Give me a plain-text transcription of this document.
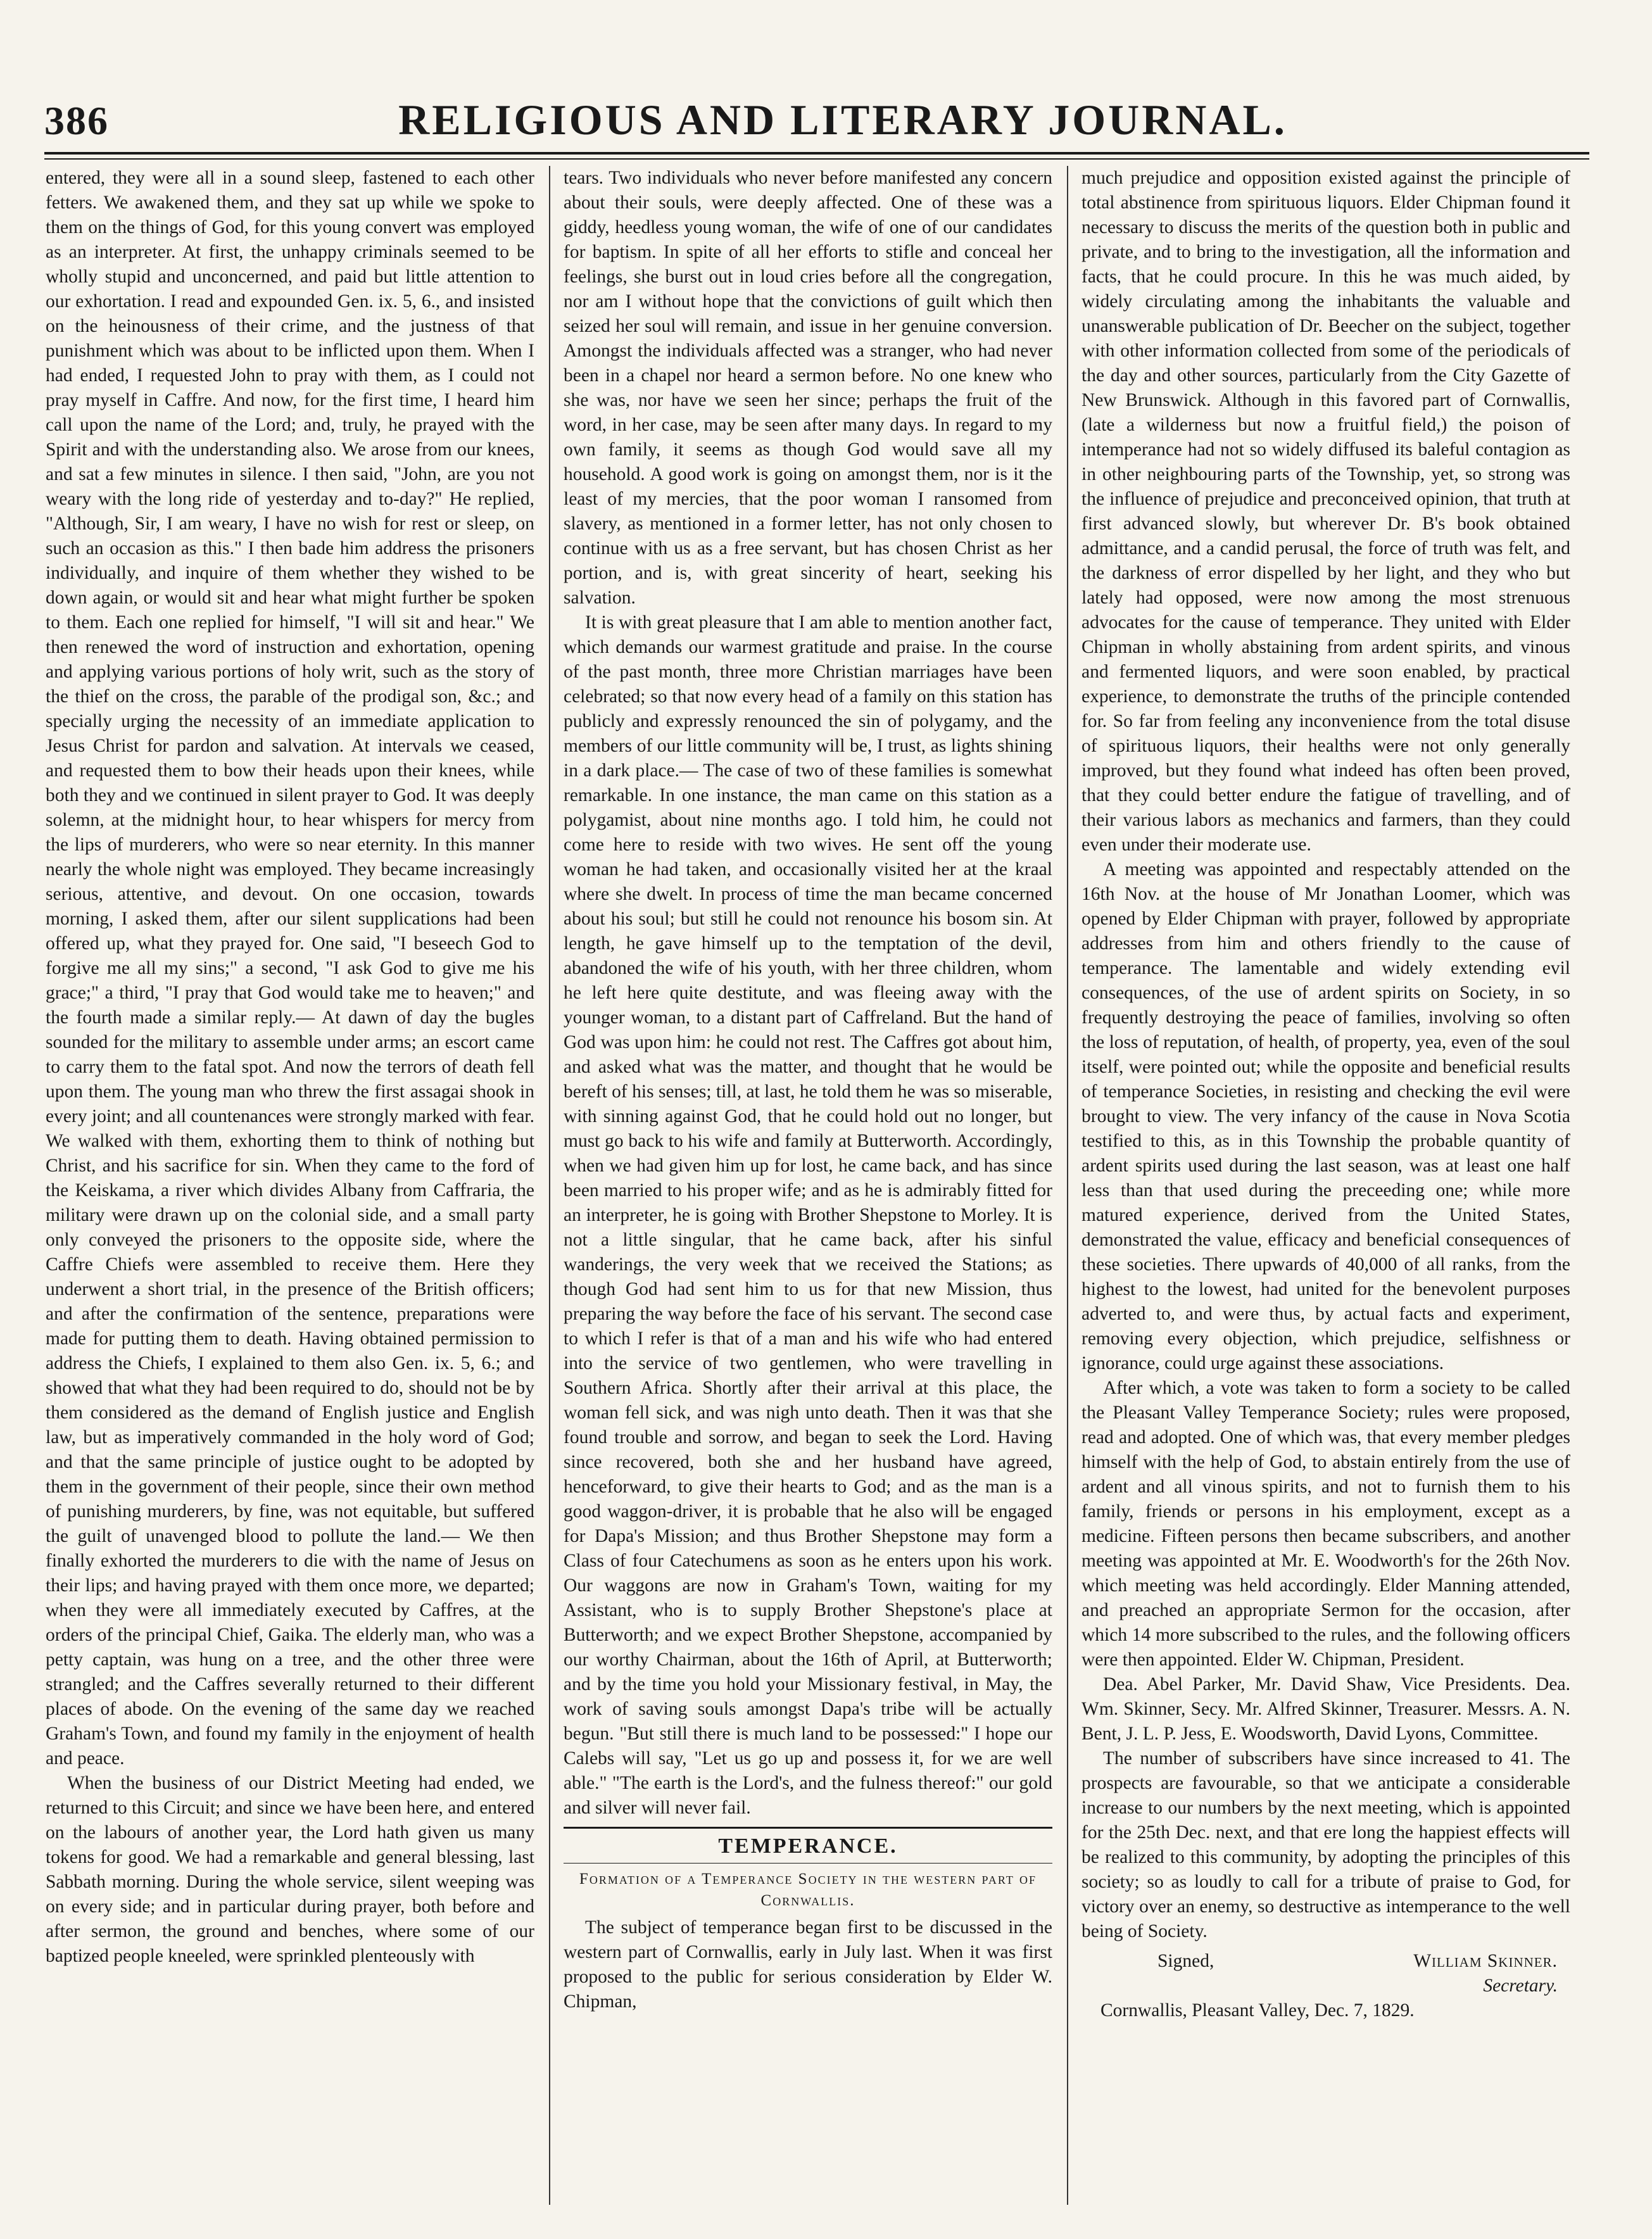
386	RELIGIOUS AND LITERARY JOURNAL.

entered, they were all in a sound sleep, fastened to each other fetters. We awakened them, and they sat up while we spoke to them on the things of God, for this young convert was employed as an interpreter. At first, the unhappy criminals seemed to be wholly stupid and unconcerned, and paid but little attention to our exhortation. I read and expounded Gen. ix. 5, 6., and insisted on the heinousness of their crime, and the justness of that punishment which was about to be inflicted upon them. When I had ended, I requested John to pray with them, as I could not pray myself in Caffre. And now, for the first time, I heard him call upon the name of the Lord; and, truly, he prayed with the Spirit and with the understanding also. We arose from our knees, and sat a few minutes in silence. I then said, "John, are you not weary with the long ride of yesterday and to-day?" He replied, "Although, Sir, I am weary, I have no wish for rest or sleep, on such an occasion as this." I then bade him address the prisoners individually, and inquire of them whether they wished to be down again, or would sit and hear what might further be spoken to them. Each one replied for himself, "I will sit and hear." We then renewed the word of instruction and exhortation, opening and applying various portions of holy writ, such as the story of the thief on the cross, the parable of the prodigal son, &c.; and specially urging the necessity of an immediate application to Jesus Christ for pardon and salvation. At intervals we ceased, and requested them to bow their heads upon their knees, while both they and we continued in silent prayer to God. It was deeply solemn, at the midnight hour, to hear whispers for mercy from the lips of murderers, who were so near eternity. In this manner nearly the whole night was employed. They became increasingly serious, attentive, and devout. On one occasion, towards morning, I asked them, after our silent supplications had been offered up, what they prayed for. One said, "I beseech God to forgive me all my sins;" a second, "I ask God to give me his grace;" a third, "I pray that God would take me to heaven;" and the fourth made a similar reply.— At dawn of day the bugles sounded for the military to assemble under arms; an escort came to carry them to the fatal spot. And now the terrors of death fell upon them. The young man who threw the first assagai shook in every joint; and all countenances were strongly marked with fear. We walked with them, exhorting them to think of nothing but Christ, and his sacrifice for sin. When they came to the ford of the Keiskama, a river which divides Albany from Caffraria, the military were drawn up on the colonial side, and a small party only conveyed the prisoners to the opposite side, where the Caffre Chiefs were assembled to receive them. Here they underwent a short trial, in the presence of the British officers; and after the confirmation of the sentence, preparations were made for putting them to death. Having obtained permission to address the Chiefs, I explained to them also Gen. ix. 5, 6.; and showed that what they had been required to do, should not be by them considered as the demand of English justice and English law, but as imperatively commanded in the holy word of God; and that the same principle of justice ought to be adopted by them in the government of their people, since their own method of punishing murderers, by fine, was not equitable, but suffered the guilt of unavenged blood to pollute the land.— We then finally exhorted the murderers to die with the name of Jesus on their lips; and having prayed with them once more, we departed; when they were all immediately executed by Caffres, at the orders of the principal Chief, Gaika. The elderly man, who was a petty captain, was hung on a tree, and the other three were strangled; and the Caffres severally returned to their different places of abode. On the evening of the same day we reached Graham's Town, and found my family in the enjoyment of health and peace.

When the business of our District Meeting had ended, we returned to this Circuit; and since we have been here, and entered on the labours of another year, the Lord hath given us many tokens for good. We had a remarkable and general blessing, last Sabbath morning. During the whole service, silent weeping was on every side; and in particular during prayer, both before and after sermon, the ground and benches, where some of our baptized people kneeled, were sprinkled plenteously with

tears. Two individuals who never before manifested any concern about their souls, were deeply affected. One of these was a giddy, heedless young woman, the wife of one of our candidates for baptism. In spite of all her efforts to stifle and conceal her feelings, she burst out in loud cries before all the congregation, nor am I without hope that the convictions of guilt which then seized her soul will remain, and issue in her genuine conversion. Amongst the individuals affected was a stranger, who had never been in a chapel nor heard a sermon before. No one knew who she was, nor have we seen her since; perhaps the fruit of the word, in her case, may be seen after many days. In regard to my own family, it seems as though God would save all my household. A good work is going on amongst them, nor is it the least of my mercies, that the poor woman I ransomed from slavery, as mentioned in a former letter, has not only chosen to continue with us as a free servant, but has chosen Christ as her portion, and is, with great sincerity of heart, seeking his salvation.

It is with great pleasure that I am able to mention another fact, which demands our warmest gratitude and praise. In the course of the past month, three more Christian marriages have been celebrated; so that now every head of a family on this station has publicly and expressly renounced the sin of polygamy, and the members of our little community will be, I trust, as lights shining in a dark place.— The case of two of these families is somewhat remarkable. In one instance, the man came on this station as a polygamist, about nine months ago. I told him, he could not come here to reside with two wives. He sent off the young woman he had taken, and occasionally visited her at the kraal where she dwelt. In process of time the man became concerned about his soul; but still he could not renounce his bosom sin. At length, he gave himself up to the temptation of the devil, abandoned the wife of his youth, with her three children, whom he left here quite destitute, and was fleeing away with the younger woman, to a distant part of Caffreland. But the hand of God was upon him: he could not rest. The Caffres got about him, and asked what was the matter, and thought that he would be bereft of his senses; till, at last, he told them he was so miserable, with sinning against God, that he could hold out no longer, but must go back to his wife and family at Butterworth. Accordingly, when we had given him up for lost, he came back, and has since been married to his proper wife; and as he is admirably fitted for an interpreter, he is going with Brother Shepstone to Morley. It is not a little singular, that he came back, after his sinful wanderings, the very week that we received the Stations; as though God had sent him to us for that new Mission, thus preparing the way before the face of his servant. The second case to which I refer is that of a man and his wife who had entered into the service of two gentlemen, who were travelling in Southern Africa. Shortly after their arrival at this place, the woman fell sick, and was nigh unto death. Then it was that she found trouble and sorrow, and began to seek the Lord. Having since recovered, both she and her husband have agreed, henceforward, to give their hearts to God; and as the man is a good waggon-driver, it is probable that he also will be engaged for Dapa's Mission; and thus Brother Shepstone may form a Class of four Catechumens as soon as he enters upon his work. Our waggons are now in Graham's Town, waiting for my Assistant, who is to supply Brother Shepstone's place at Butterworth; and we expect Brother Shepstone, accompanied by our worthy Chairman, about the 16th of April, at Butterworth; and by the time you hold your Missionary festival, in May, the work of saving souls amongst Dapa's tribe will be actually begun. "But still there is much land to be possessed:" I hope our Calebs will say, "Let us go up and possess it, for we are well able." "The earth is the Lord's, and the fulness thereof:" our gold and silver will never fail.

TEMPERANCE.
Formation of a Temperance Society in the western part of Cornwallis.

The subject of temperance began first to be discussed in the western part of Cornwallis, early in July last. When it was first proposed to the public for serious consideration by Elder W. Chipman,

much prejudice and opposition existed against the principle of total abstinence from spirituous liquors. Elder Chipman found it necessary to discuss the merits of the question both in public and private, and to bring to the investigation, all the information and facts, that he could procure. In this he was much aided, by widely circulating among the inhabitants the valuable and unanswerable publication of Dr. Beecher on the subject, together with other information collected from some of the periodicals of the day and other sources, particularly from the City Gazette of New Brunswick. Although in this favored part of Cornwallis, (late a wilderness but now a fruitful field,) the poison of intemperance had not so widely diffused its baleful contagion as in other neighbouring parts of the Township, yet, so strong was the influence of prejudice and preconceived opinion, that truth at first advanced slowly, but wherever Dr. B's book obtained admittance, and a candid perusal, the force of truth was felt, and the darkness of error dispelled by her light, and they who but lately had opposed, were now among the most strenuous advocates for the cause of temperance. They united with Elder Chipman in wholly abstaining from ardent spirits, and vinous and fermented liquors, and were soon enabled, by practical experience, to demonstrate the truths of the principle contended for. So far from feeling any inconvenience from the total disuse of spirituous liquors, their healths were not only generally improved, but they found what indeed has often been proved, that they could better endure the fatigue of travelling, and of their various labors as mechanics and farmers, than they could even under their moderate use.

A meeting was appointed and respectably attended on the 16th Nov. at the house of Mr Jonathan Loomer, which was opened by Elder Chipman with prayer, followed by appropriate addresses from him and others friendly to the cause of temperance. The lamentable and widely extending evil consequences, of the use of ardent spirits on Society, in so frequently destroying the peace of families, involving so often the loss of reputation, of health, of property, yea, even of the soul itself, were pointed out; while the opposite and beneficial results of temperance Societies, in resisting and checking the evil were brought to view. The very infancy of the cause in Nova Scotia testified to this, as in this Township the probable quantity of ardent spirits used during the last season, was at least one half less than that used during the preceeding one; while more matured experience, derived from the United States, demonstrated the value, efficacy and beneficial consequences of these societies. There upwards of 40,000 of all ranks, from the highest to the lowest, had united for the benevolent purposes adverted to, and were thus, by actual facts and experiment, removing every objection, which prejudice, selfishness or ignorance, could urge against these associations.

After which, a vote was taken to form a society to be called the Pleasant Valley Temperance Society; rules were proposed, read and adopted. One of which was, that every member pledges himself with the help of God, to abstain entirely from the use of ardent and all vinous spirits, and not to furnish them to his family, friends or persons in his employment, except as a medicine. Fifteen persons then became subscribers, and another meeting was appointed at Mr. E. Woodworth's for the 26th Nov. which meeting was held accordingly. Elder Manning attended, and preached an appropriate Sermon for the occasion, after which 14 more subscribed to the rules, and the following officers were then appointed. Elder W. Chipman, President.

Dea. Abel Parker, Mr. David Shaw, Vice Presidents. Dea. Wm. Skinner, Secy. Mr. Alfred Skinner, Treasurer. Messrs. A. N. Bent, J. L. P. Jess, E. Woodsworth, David Lyons, Committee.

The number of subscribers have since increased to 41. The prospects are favourable, so that we anticipate a considerable increase to our numbers by the next meeting, which is appointed for the 25th Dec. next, and that ere long the happiest effects will be realized to this community, by adopting the principles of this society; so as loudly to call for a tribute of praise to God, for victory over an enemy, so destructive as intemperance to the well being of Society.

Signed,	William Skinner.
Secretary.
Cornwallis, Pleasant Valley, Dec. 7, 1829.
